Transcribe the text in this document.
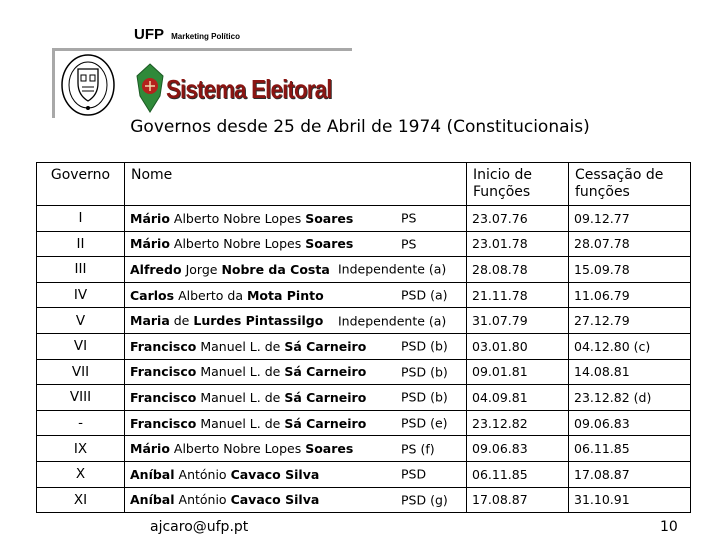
UFP Marketing Político
Sistema Eleitoral
Governos desde 25 de Abril de 1974 (Constitucionais)
Governo	Nome	Inicio de Funções	Cessação de funções
I	Mário Alberto Nobre Lopes Soares PS	23.07.76	09.12.77
II	Mário Alberto Nobre Lopes Soares PS	23.01.78	28.07.78
III	Alfredo Jorge Nobre da Costa Independente (a)	28.08.78	15.09.78
IV	Carlos Alberto da Mota Pinto PSD (a)	21.11.78	11.06.79
V	Maria de Lurdes Pintassilgo Independente (a)	31.07.79	27.12.79
VI	Francisco Manuel L. de Sá Carneiro PSD (b)	03.01.80	04.12.80 (c)
VII	Francisco Manuel L. de Sá Carneiro PSD (b)	09.01.81	14.08.81
VIII	Francisco Manuel L. de Sá Carneiro PSD (b)	04.09.81	23.12.82 (d)
-	Francisco Manuel L. de Sá Carneiro PSD (e)	23.12.82	09.06.83
IX	Mário Alberto Nobre Lopes Soares PS (f)	09.06.83	06.11.85
X	Aníbal António Cavaco Silva PSD	06.11.85	17.08.87
XI	Aníbal António Cavaco Silva PSD (g)	17.08.87	31.10.91
ajcaro@ufp.pt	10
